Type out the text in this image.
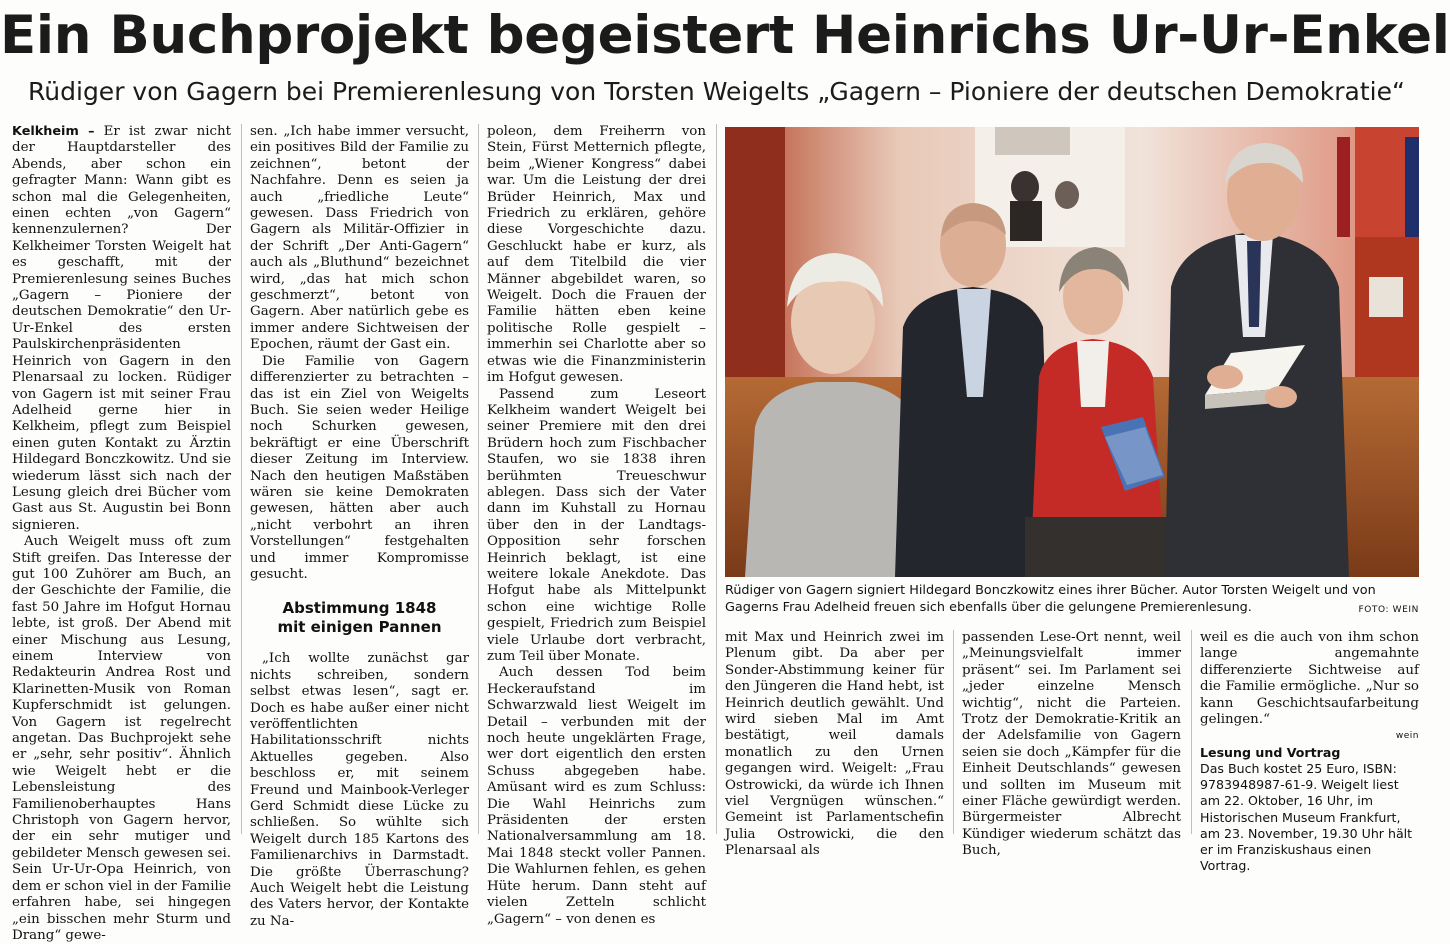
Ein Buchprojekt begeistert Heinrichs Ur-Ur-Enkel
Rüdiger von Gagern bei Premierenlesung von Torsten Weigelts „Gagern – Pioniere der deutschen Demokratie“

Kelkheim – Er ist zwar nicht der Hauptdarsteller des Abends, aber schon ein gefragter Mann: Wann gibt es schon mal die Gelegenheiten, einen echten „von Gagern“ kennenzulernen? Der Kelkheimer Torsten Weigelt hat es geschafft, mit der Premierenlesung seines Buches „Gagern – Pioniere der deutschen Demokratie“ den Ur-Ur-Enkel des ersten Paulskirchenpräsidenten Heinrich von Gagern in den Plenarsaal zu locken. Rüdiger von Gagern ist mit seiner Frau Adelheid gerne hier in Kelkheim, pflegt zum Beispiel einen guten Kontakt zu Ärztin Hildegard Bonczkowitz. Und sie wiederum lässt sich nach der Lesung gleich drei Bücher vom Gast aus St. Augustin bei Bonn signieren.

Auch Weigelt muss oft zum Stift greifen. Das Interesse der gut 100 Zuhörer am Buch, an der Geschichte der Familie, die fast 50 Jahre im Hofgut Hornau lebte, ist groß. Der Abend mit einer Mischung aus Lesung, einem Interview von Redakteurin Andrea Rost und Klarinetten-Musik von Roman Kupferschmidt ist gelungen. Von Gagern ist regelrecht angetan. Das Buchprojekt sehe er „sehr, sehr positiv“. Ähnlich wie Weigelt hebt er die Lebensleistung des Familienoberhauptes Hans Christoph von Gagern hervor, der ein sehr mutiger und gebildeter Mensch gewesen sei. Sein Ur-Ur-Opa Heinrich, von dem er schon viel in der Familie erfahren habe, sei hingegen „ein bisschen mehr Sturm und Drang“ gewe-

sen. „Ich habe immer versucht, ein positives Bild der Familie zu zeichnen“, betont der Nachfahre. Denn es seien ja auch „friedliche Leute“ gewesen. Dass Friedrich von Gagern als Militär-Offizier in der Schrift „Der Anti-Gagern“ auch als „Bluthund“ bezeichnet wird, „das hat mich schon geschmerzt“, betont von Gagern. Aber natürlich gebe es immer andere Sichtweisen der Epochen, räumt der Gast ein.

Die Familie von Gagern differenzierter zu betrachten – das ist ein Ziel von Weigelts Buch. Sie seien weder Heilige noch Schurken gewesen, bekräftigt er eine Überschrift dieser Zeitung im Interview. Nach den heutigen Maßstäben wären sie keine Demokraten gewesen, hätten aber auch „nicht verbohrt an ihren Vorstellungen“ festgehalten und immer Kompromisse gesucht.

Abstimmung 1848
mit einigen Pannen

„Ich wollte zunächst gar nichts schreiben, sondern selbst etwas lesen“, sagt er. Doch es habe außer einer nicht veröffentlichten Habilitationsschrift nichts Aktuelles gegeben. Also beschloss er, mit seinem Freund und Mainbook-Verleger Gerd Schmidt diese Lücke zu schließen. So wühlte sich Weigelt durch 185 Kartons des Familienarchivs in Darmstadt. Die größte Überraschung? Auch Weigelt hebt die Leistung des Vaters hervor, der Kontakte zu Na-

poleon, dem Freiherrn von Stein, Fürst Metternich pflegte, beim „Wiener Kongress“ dabei war. Um die Leistung der drei Brüder Heinrich, Max und Friedrich zu erklären, gehöre diese Vorgeschichte dazu. Geschluckt habe er kurz, als auf dem Titelbild die vier Männer abgebildet waren, so Weigelt. Doch die Frauen der Familie hätten eben keine politische Rolle gespielt – immerhin sei Charlotte aber so etwas wie die Finanzministerin im Hofgut gewesen.

Passend zum Leseort Kelkheim wandert Weigelt bei seiner Premiere mit den drei Brüdern hoch zum Fischbacher Staufen, wo sie 1838 ihren berühmten Treueschwur ablegen. Dass sich der Vater dann im Kuhstall zu Hornau über den in der Landtags-Opposition sehr forschen Heinrich beklagt, ist eine weitere lokale Anekdote. Das Hofgut habe als Mittelpunkt schon eine wichtige Rolle gespielt, Friedrich zum Beispiel viele Urlaube dort verbracht, zum Teil über Monate.

Auch dessen Tod beim Heckeraufstand im Schwarzwald liest Weigelt im Detail – verbunden mit der noch heute ungeklärten Frage, wer dort eigentlich den ersten Schuss abgegeben habe. Amüsant wird es zum Schluss: Die Wahl Heinrichs zum Präsidenten der ersten Nationalversammlung am 18. Mai 1848 steckt voller Pannen. Die Wahlurnen fehlen, es gehen Hüte herum. Dann steht auf vielen Zetteln schlicht „Gagern“ – von denen es

Rüdiger von Gagern signiert Hildegard Bonczkowitz eines ihrer Bücher. Autor Torsten Weigelt und von Gagerns Frau Adelheid freuen sich ebenfalls über die gelungene Premierenlesung.	FOTO: WEIN

mit Max und Heinrich zwei im Plenum gibt. Da aber per Sonder-Abstimmung keiner für den Jüngeren die Hand hebt, ist Heinrich deutlich gewählt. Und wird sieben Mal im Amt bestätigt, weil damals monatlich zu den Urnen gegangen wird. Weigelt: „Frau Ostrowicki, da würde ich Ihnen viel Vergnügen wünschen.“ Gemeint ist Parlamentschefin Julia Ostrowicki, die den Plenarsaal als

passenden Lese-Ort nennt, weil „Meinungsvielfalt immer präsent“ sei. Im Parlament sei „jeder einzelne Mensch wichtig“, nicht die Parteien. Trotz der Demokratie-Kritik an der Adelsfamilie von Gagern seien sie doch „Kämpfer für die Einheit Deutschlands“ gewesen und sollten im Museum mit einer Fläche gewürdigt werden. Bürgermeister Albrecht Kündiger wiederum schätzt das Buch,

weil es die auch von ihm schon lange angemahnte differenzierte Sichtweise auf die Familie ermögliche. „Nur so kann Geschichtsaufarbeitung gelingen.“

wein
Lesung und Vortrag
Das Buch kostet 25 Euro, ISBN: 9783948987-61-9. Weigelt liest am 22. Oktober, 16 Uhr, im Historischen Museum Frankfurt, am 23. November, 19.30 Uhr hält er im Franziskushaus einen Vortrag.
